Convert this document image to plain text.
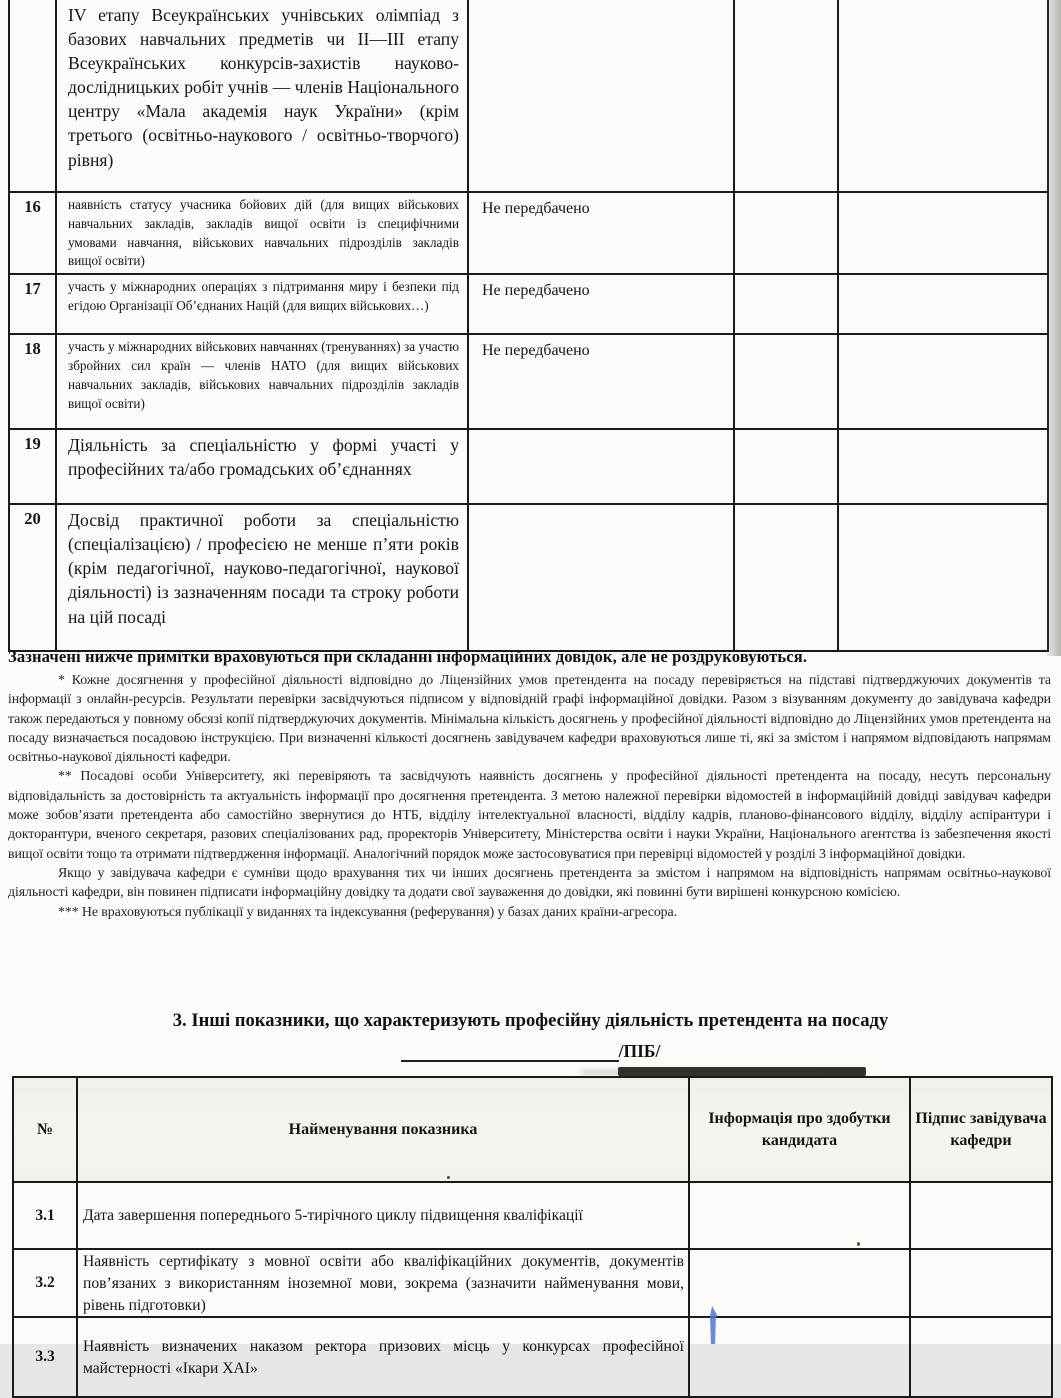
	IV етапу Всеукраїнських учнівських олімпіад з базових навчальних предметів чи II—III етапу Всеукраїнських конкурсів-захистів науково-дослідницьких робіт учнів — членів Національного центру «Мала академія наук України» (крім третього (освітньо-наукового / освітньо-творчого) рівня)			
16	наявність статусу учасника бойових дій (для вищих військових навчальних закладів, закладів вищої освіти із специфічними умовами навчання, військових навчальних підрозділів закладів вищої освіти)	Не передбачено		
17	участь у міжнародних операціях з підтримання миру і безпеки під егідою Організації Об’єднаних Націй (для вищих військових…)	Не передбачено		
18	участь у міжнародних військових навчаннях (тренуваннях) за участю збройних сил країн — членів НАТО (для вищих військових навчальних закладів, військових навчальних підрозділів закладів вищої освіти)	Не передбачено		
19	Діяльність за спеціальністю у формі участі у професійних та/або громадських об’єднаннях			
20	Досвід практичної роботи за спеціальністю (спеціалізацією) / професією не менше п’яти років (крім педагогічної, науково-педагогічної, наукової діяльності) із зазначенням посади та строку роботи на цій посаді			

Зазначені нижче примітки враховуються при складанні інформаційних довідок, але не роздруковуються.

* Кожне досягнення у професійної діяльності відповідно до Ліцензійних умов претендента на посаду перевіряється на підставі підтверджуючих документів та інформації з онлайн-ресурсів. Результати перевірки засвідчуються підписом у відповідній графі інформаційної довідки. Разом з візуванням документу до завідувача кафедри також передаються у повному обсязі копії підтверджуючих документів. Мінімальна кількість досягнень у професійної діяльності відповідно до Ліцензійних умов претендента на посаду визначається посадовою інструкцією. При визначенні кількості досягнень завідувачем кафедри враховуються лише ті, які за змістом і напрямом відповідають напрямам освітньо-наукової діяльності кафедри.

** Посадові особи Університету, які перевіряють та засвідчують наявність досягнень у професійної діяльності претендента на посаду, несуть персональну відповідальність за достовірність та актуальність інформації про досягнення претендента. З метою належної перевірки відомостей в інформаційній довідці завідувач кафедри може зобов’язати претендента або самостійно звернутися до НТБ, відділу інтелектуальної власності, відділу кадрів, планово-фінансового відділу, відділу аспірантури і докторантури, вченого секретаря, разових спеціалізованих рад, проректорів Університету, Міністерства освіти і науки України, Національного агентства із забезпечення якості вищої освіти тощо та отримати підтвердження інформації. Аналогічний порядок може застосовуватися при перевірці відомостей у розділі 3 інформаційної довідки.

Якщо у завідувача кафедри є сумніви щодо врахування тих чи інших досягнень претендента за змістом і напрямом на відповідність напрямам освітньо-наукової діяльності кафедри, він повинен підписати інформаційну довідку та додати свої зауваження до довідки, які повинні бути вирішені конкурсною комісією.

*** Не враховуються публікації у виданнях та індексування (реферування) у базах даних країни-агресора.

3. Інші показники, що характеризують професійну діяльність претендента на посаду

/ПІБ/
№	Найменування показника	Інформація про здобутки кандидата	Підпис завідувача кафедри
3.1	Дата завершення попереднього 5-тирічного циклу підвищення кваліфікації		
3.2	Наявність сертифікату з мовної освіти або кваліфікаційних документів, документів пов’язаних з використанням іноземної мови, зокрема (зазначити найменування мови, рівень підготовки)		
3.3	Наявність визначених наказом ректора призових місць у конкурсах професійної майстерності «Ікари ХАІ»		
